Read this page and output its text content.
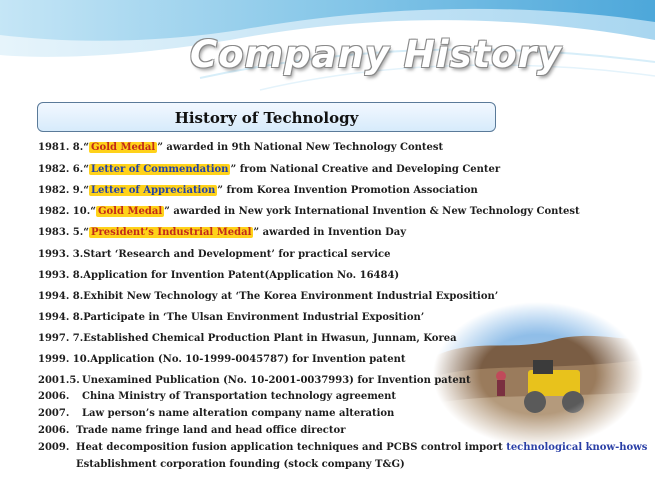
Company History
History of Technology
1981. 8.“ Gold Medal ” awarded in 9th National New Technology Contest
1982. 6.“ Letter of Commendation ” from National Creative and Developing Center
1982. 9.“ Letter of Appreciation ” from Korea Invention Promotion Association
1982. 10.“ Gold Medal ” awarded in New york International Invention & New Technology Contest
1983. 5.“ President’s Industrial Medal ” awarded in Invention Day
1993. 3.Start ‘Research and Development’ for practical service
1993. 8.Application for Invention Patent(Application No. 16484)
1994. 8.Exhibit New Technology at ‘The Korea Environment Industrial Exposition’
1994. 8.Participate in ‘The Ulsan Environment Industrial Exposition’
1997. 7.Established Chemical Production Plant in Hwasun, Junnam, Korea
1999. 10.Application (No. 10-1999-0045787) for Invention patent
2001.5. Unexamined Publication (No. 10-2001-0037993) for Invention patent
2006. China Ministry of Transportation technology agreement
2007. Law person’s name alteration company name alteration
2006. Trade name fringe land and head office director
2009. Heat decomposition fusion application techniques and PCBS control import technological know-hows
Establishment corporation founding (stock company T&G)
